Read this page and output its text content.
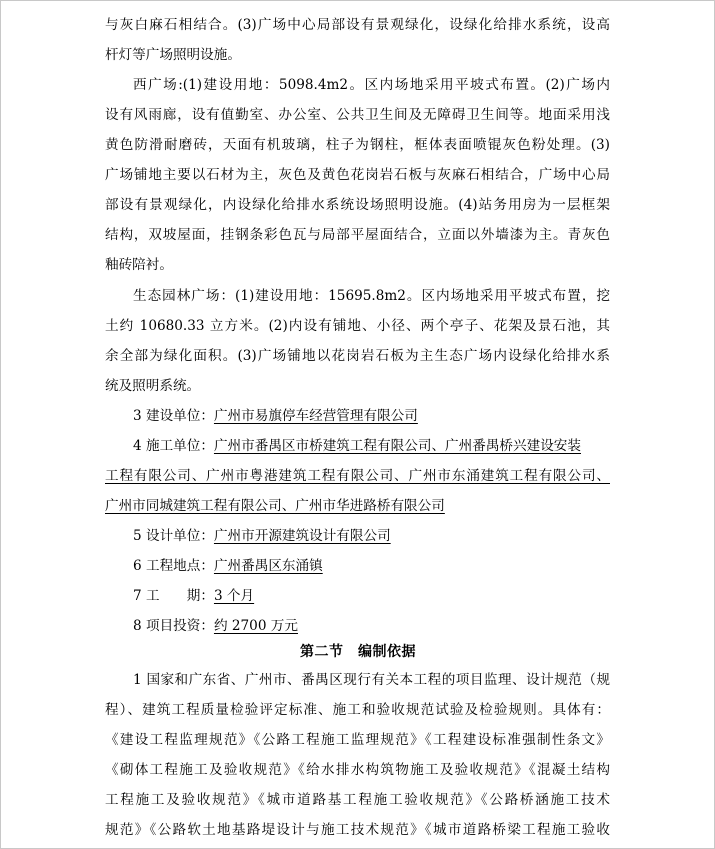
与灰白麻石相结合。(3)广场中心局部设有景观绿化，设绿化给排水系统，设高
杆灯等广场照明设施。
西广场:(1)建设用地：5098.4m2。区内场地采用平坡式布置。(2)广场内
设有风雨廊，设有值勤室、办公室、公共卫生间及无障碍卫生间等。地面采用浅
黄色防滑耐磨砖，天面有机玻璃，柱子为钢柱，框体表面喷锟灰色粉处理。(3)
广场铺地主要以石材为主，灰色及黄色花岗岩石板与灰麻石相结合，广场中心局
部设有景观绿化，内设绿化给排水系统设场照明设施。(4)站务用房为一层框架
结构，双坡屋面，挂钢条彩色瓦与局部平屋面结合，立面以外墙漆为主。青灰色
釉砖陪衬。
生态园林广场：(1)建设用地：15695.8m2。区内场地采用平坡式布置，挖
土约 10680.33 立方米。(2)内设有铺地、小径、两个亭子、花架及景石池，其
余全部为绿化面积。(3)广场铺地以花岗岩石板为主生态广场内设绿化给排水系
统及照明系统。
3 建设单位：广州市易旗停车经营管理有限公司
4 施工单位：广州市番禺区市桥建筑工程有限公司、广州番禺桥兴建设安装
工程有限公司、广州市粤港建筑工程有限公司、广州市东涌建筑工程有限公司、
广州市同城建筑工程有限公司、广州市华进路桥有限公司
5 设计单位：广州市开源建筑设计有限公司
6 工程地点：广州番禺区东涌镇
7 工　　期：3 个月
8 项目投资：约 2700 万元
第二节　编制依据
1 国家和广东省、广州市、番禺区现行有关本工程的项目监理、设计规范（规
程）、建筑工程质量检验评定标准、施工和验收规范试验及检验规则。具体有：
《建设工程监理规范》《公路工程施工监理规范》《工程建设标准强制性条文》
《砌体工程施工及验收规范》《给水排水构筑物施工及验收规范》《混凝土结构
工程施工及验收规范》《城市道路基工程施工验收规范》《公路桥涵施工技术
规范》《公路软土地基路堤设计与施工技术规范》《城市道路桥梁工程施工验收
